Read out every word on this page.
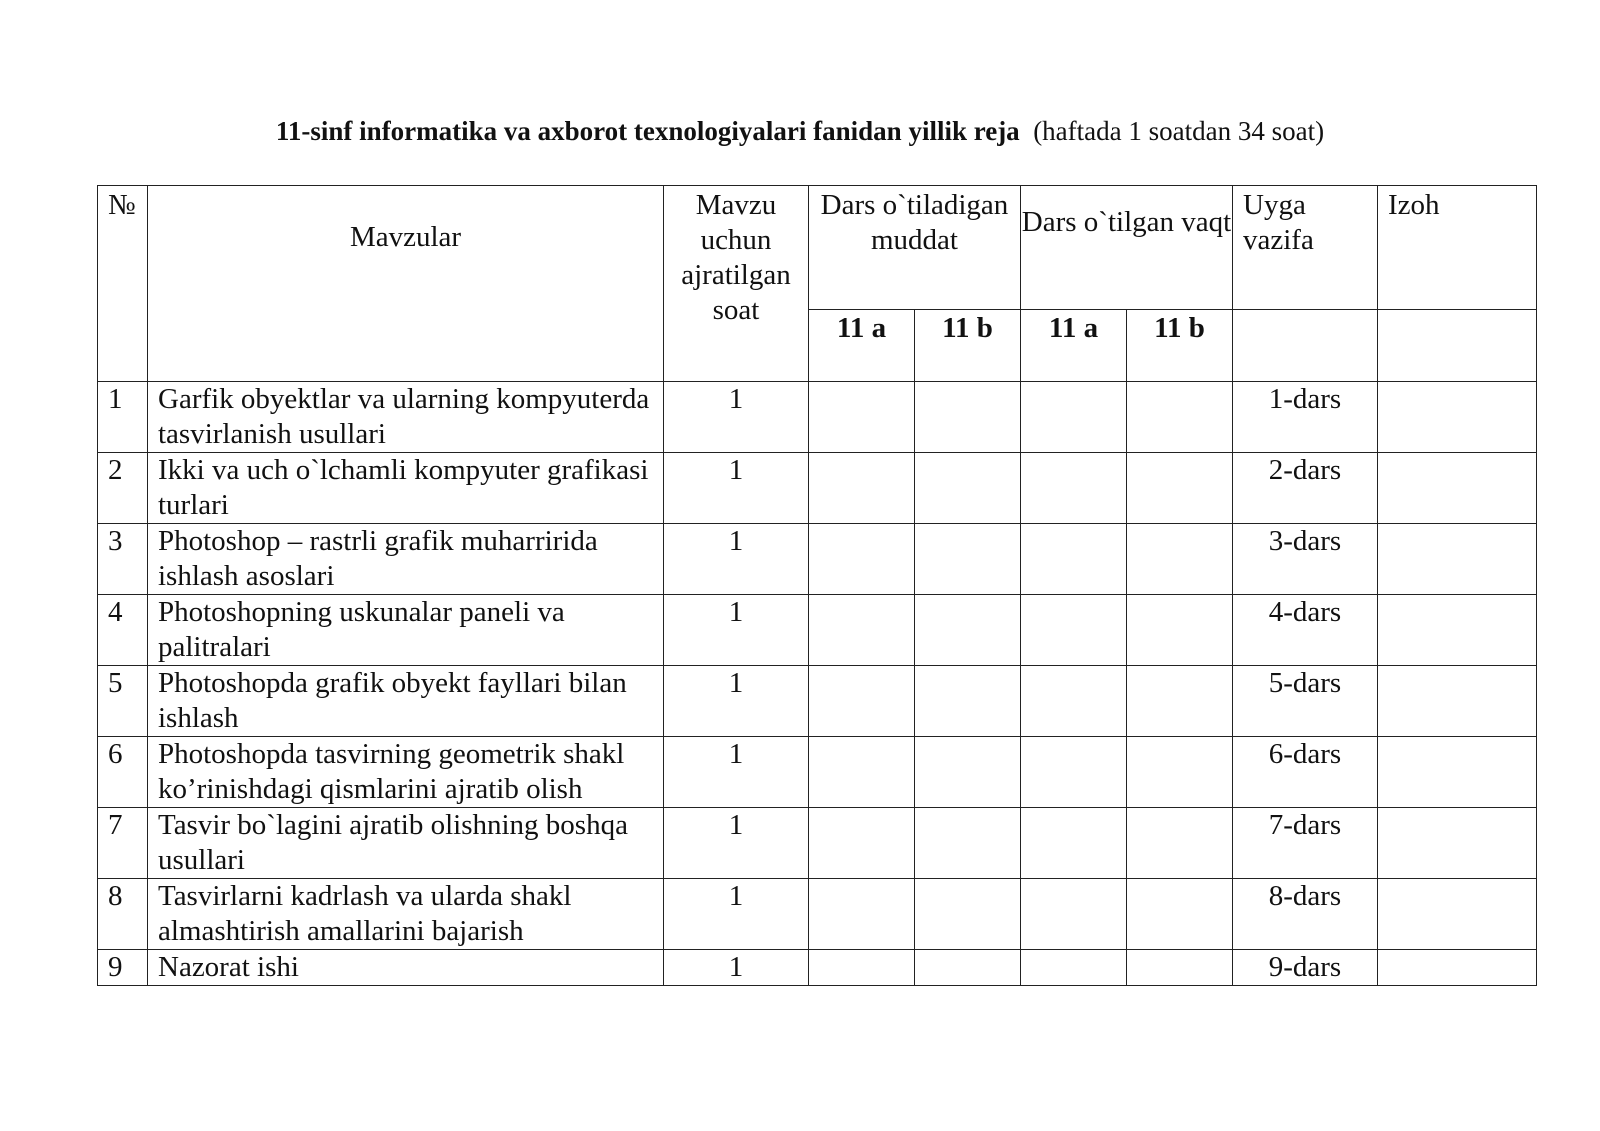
11-sinf informatika va axborot texnologiyalari fanidan yillik reja (haftada 1 soatdan 34 soat)
№	Mavzular	Mavzu uchun ajratilgan soat	Dars o`tiladigan muddat		Dars o`tilgan vaqt		Uyga vazifa	Izoh
			11 a	11 b	11 a	11 b		
1	Garfik obyektlar va ularning kompyuterda tasvirlanish usullari	1					1-dars	
2	Ikki va uch o`lchamli kompyuter grafikasi turlari	1					2-dars	
3	Photoshop – rastrli grafik muharririda ishlash asoslari	1					3-dars	
4	Photoshopning uskunalar paneli va palitralari	1					4-dars	
5	Photoshopda grafik obyekt fayllari bilan ishlash	1					5-dars	
6	Photoshopda tasvirning geometrik shakl ko’rinishdagi qismlarini ajratib olish	1					6-dars	
7	Tasvir bo`lagini ajratib olishning boshqa usullari	1					7-dars	
8	Tasvirlarni kadrlash va ularda shakl almashtirish amallarini bajarish	1					8-dars	
9	Nazorat ishi	1					9-dars	
